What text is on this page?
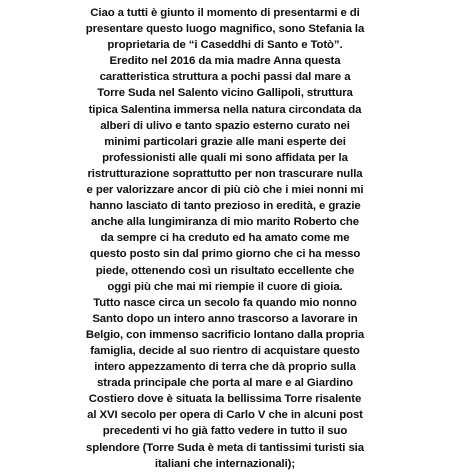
Ciao a tutti è giunto il momento di presentarmi e di
presentare questo luogo magnifico, sono Stefania la
proprietaria de “i Caseddhi di Santo e Totò”.
Eredito nel 2016 da mia madre Anna questa
caratteristica struttura a pochi passi dal mare a
Torre Suda nel Salento vicino Gallipoli, struttura
tipica Salentina immersa nella natura circondata da
alberi di ulivo e tanto spazio esterno curato nei
minimi particolari grazie alle mani esperte dei
professionisti alle quali mi sono affidata per la
ristrutturazione soprattutto per non trascurare nulla
e per valorizzare ancor di più ciò che i miei nonni mi
hanno lasciato di tanto prezioso in eredità, e grazie
anche alla lungimiranza di mio marito Roberto che
da sempre ci ha creduto ed ha amato come me
questo posto sin dal primo giorno che ci ha messo
piede, ottenendo così un risultato eccellente che
oggi più che mai mi riempie il cuore di gioia.
Tutto nasce circa un secolo fa quando mio nonno
Santo dopo un intero anno trascorso a lavorare in
Belgio, con immenso sacrificio lontano dalla propria
famiglia, decide al suo rientro di acquistare questo
intero appezzamento di terra che dà proprio sulla
strada principale che porta al mare e al Giardino
Costiero dove è situata la bellissima Torre risalente
al XVI secolo per opera di Carlo V che in alcuni post
precedenti vi ho già fatto vedere in tutto il suo
splendore (Torre Suda è meta di tantissimi turisti sia
italiani che internazionali);
